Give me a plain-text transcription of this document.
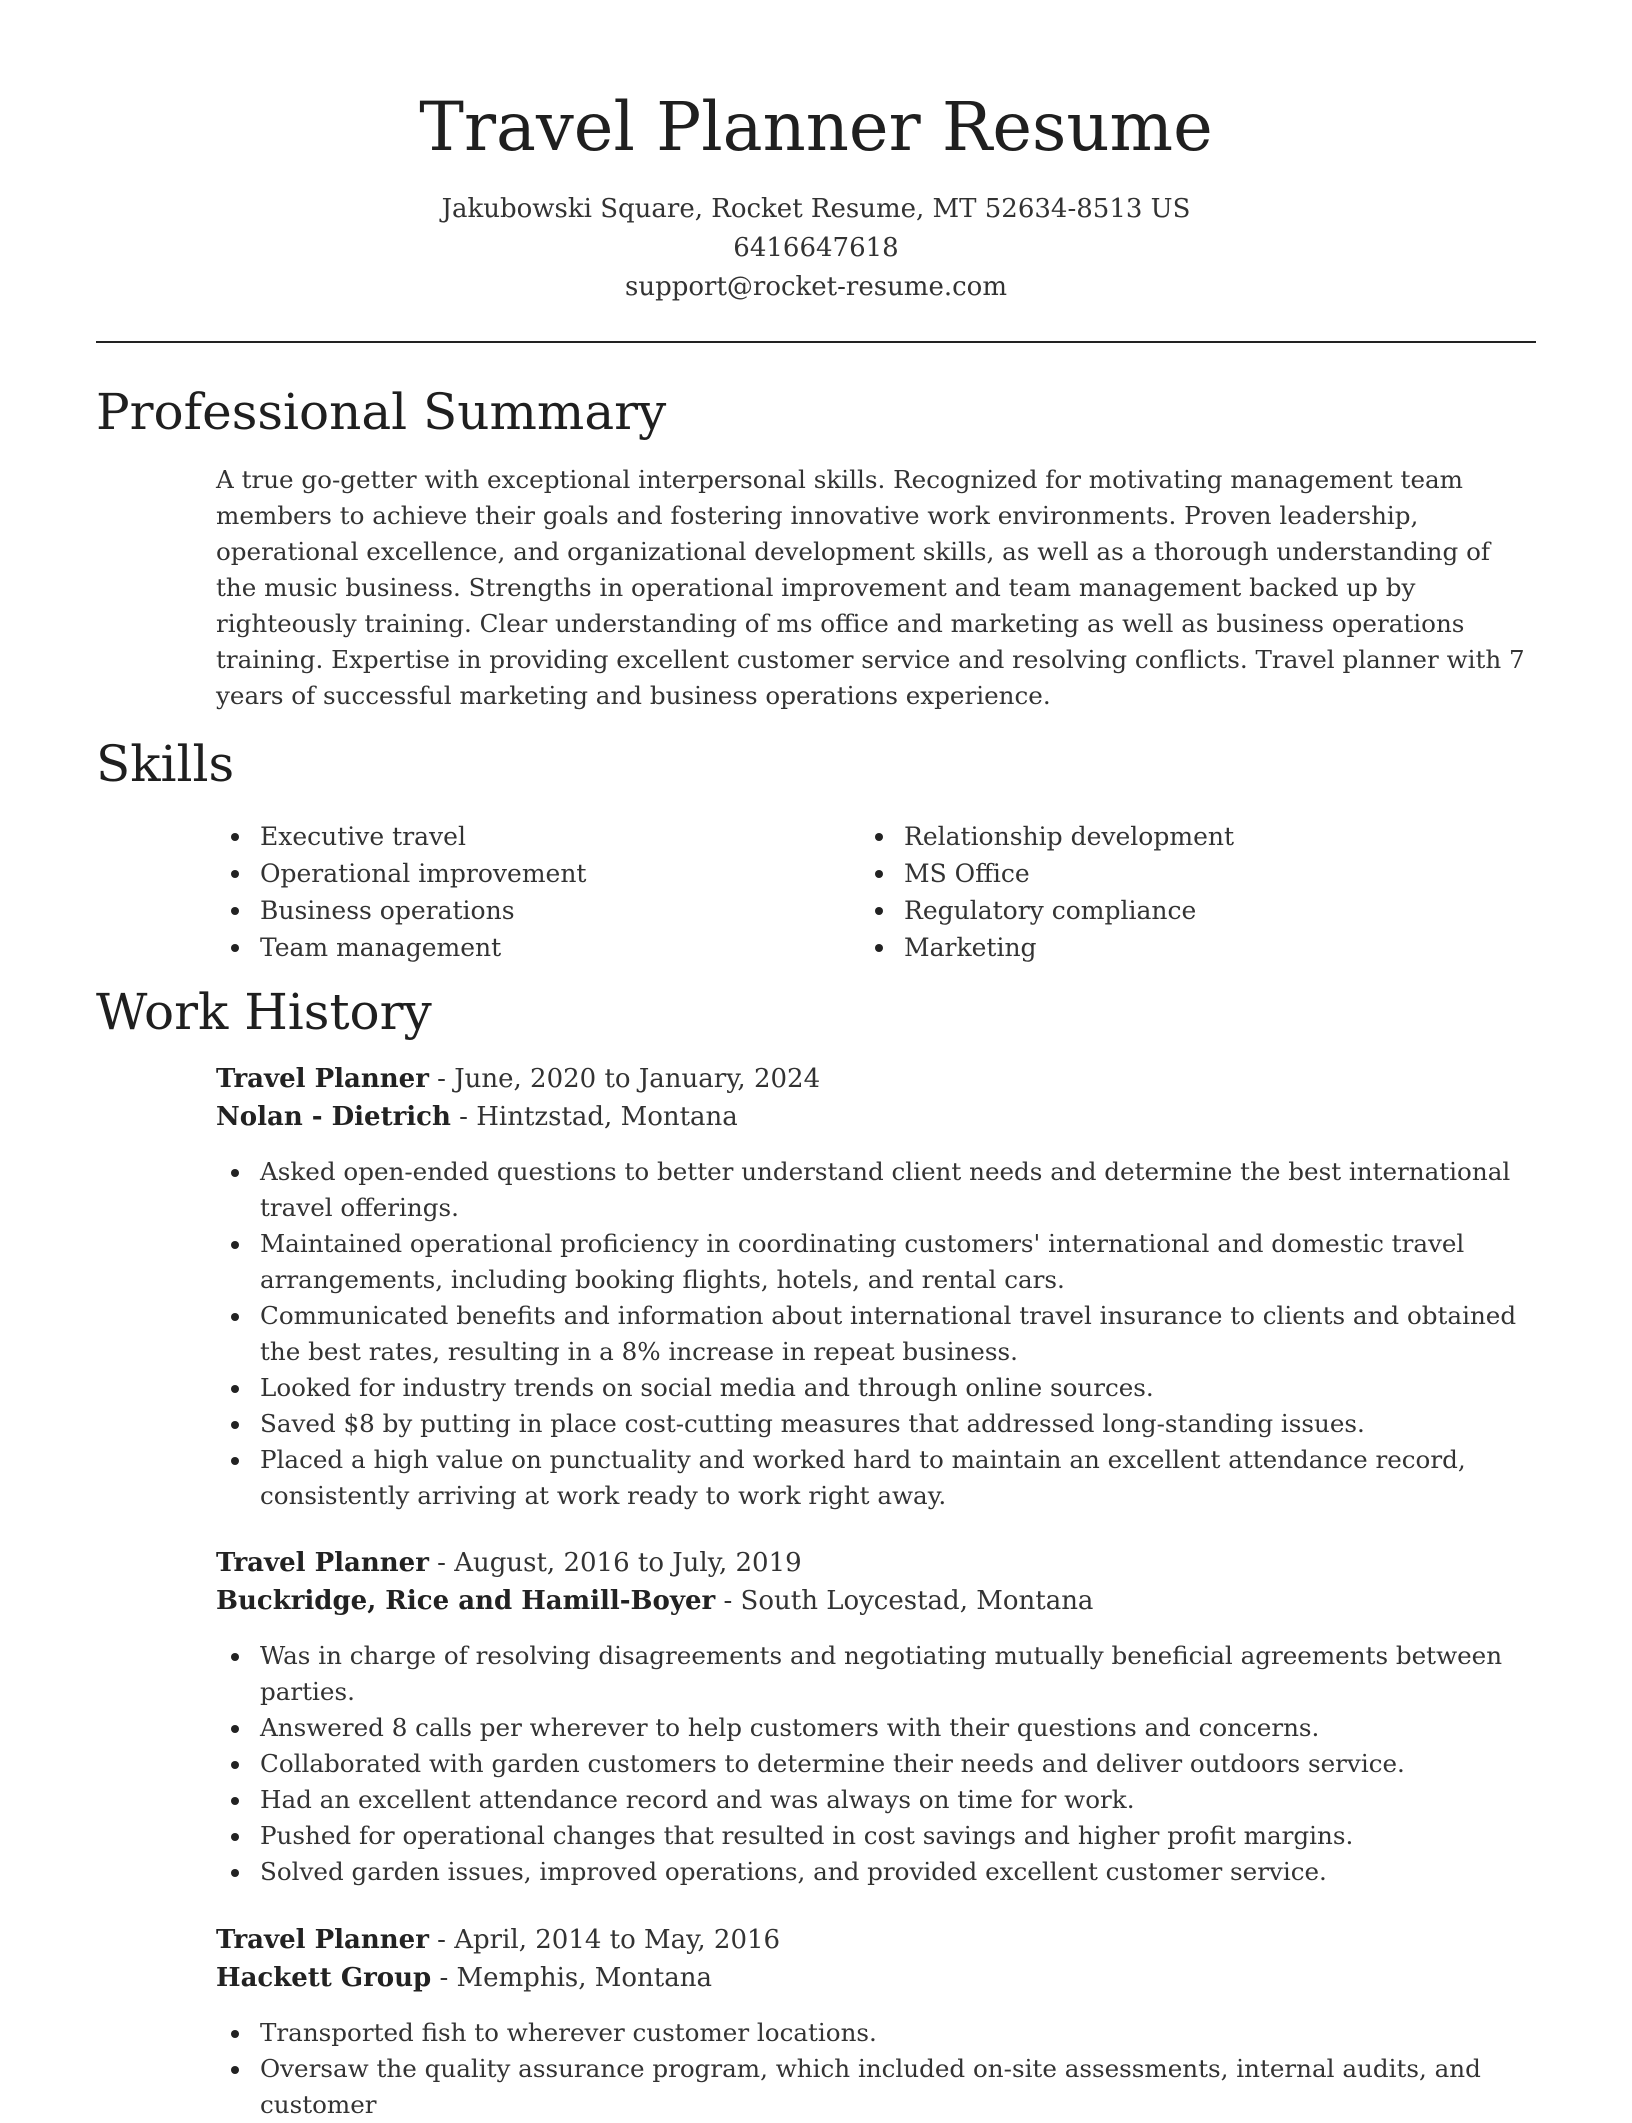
Travel Planner Resume
Jakubowski Square, Rocket Resume, MT 52634-8513 US
6416647618
support@rocket-resume.com
Professional Summary

A true go-getter with exceptional interpersonal skills. Recognized for motivating management team members to achieve their goals and fostering innovative work environments. Proven leadership, operational excellence, and organizational development skills, as well as a thorough understanding of the music business. Strengths in operational improvement and team management backed up by righteously training. Clear understanding of ms office and marketing as well as business operations training. Expertise in providing excellent customer service and resolving conflicts. Travel planner with 7 years of successful marketing and business operations experience.

Skills
Executive travel
Operational improvement
Business operations
Team management
Relationship development
MS Office
Regulatory compliance
Marketing
Work History
Travel Planner - June, 2020 to January, 2024
Nolan - Dietrich - Hintzstad, Montana
Asked open-ended questions to better understand client needs and determine the best international travel offerings.
Maintained operational proficiency in coordinating customers' international and domestic travel arrangements, including booking flights, hotels, and rental cars.
Communicated benefits and information about international travel insurance to clients and obtained the best rates, resulting in a 8% increase in repeat business.
Looked for industry trends on social media and through online sources.
Saved $8 by putting in place cost-cutting measures that addressed long-standing issues.
Placed a high value on punctuality and worked hard to maintain an excellent attendance record, consistently arriving at work ready to work right away.
Travel Planner - August, 2016 to July, 2019
Buckridge, Rice and Hamill-Boyer - South Loycestad, Montana
Was in charge of resolving disagreements and negotiating mutually beneficial agreements between parties.
Answered 8 calls per wherever to help customers with their questions and concerns.
Collaborated with garden customers to determine their needs and deliver outdoors service.
Had an excellent attendance record and was always on time for work.
Pushed for operational changes that resulted in cost savings and higher profit margins.
Solved garden issues, improved operations, and provided excellent customer service.
Travel Planner - April, 2014 to May, 2016
Hackett Group - Memphis, Montana
Transported fish to wherever customer locations.
Oversaw the quality assurance program, which included on-site assessments, internal audits, and customer
